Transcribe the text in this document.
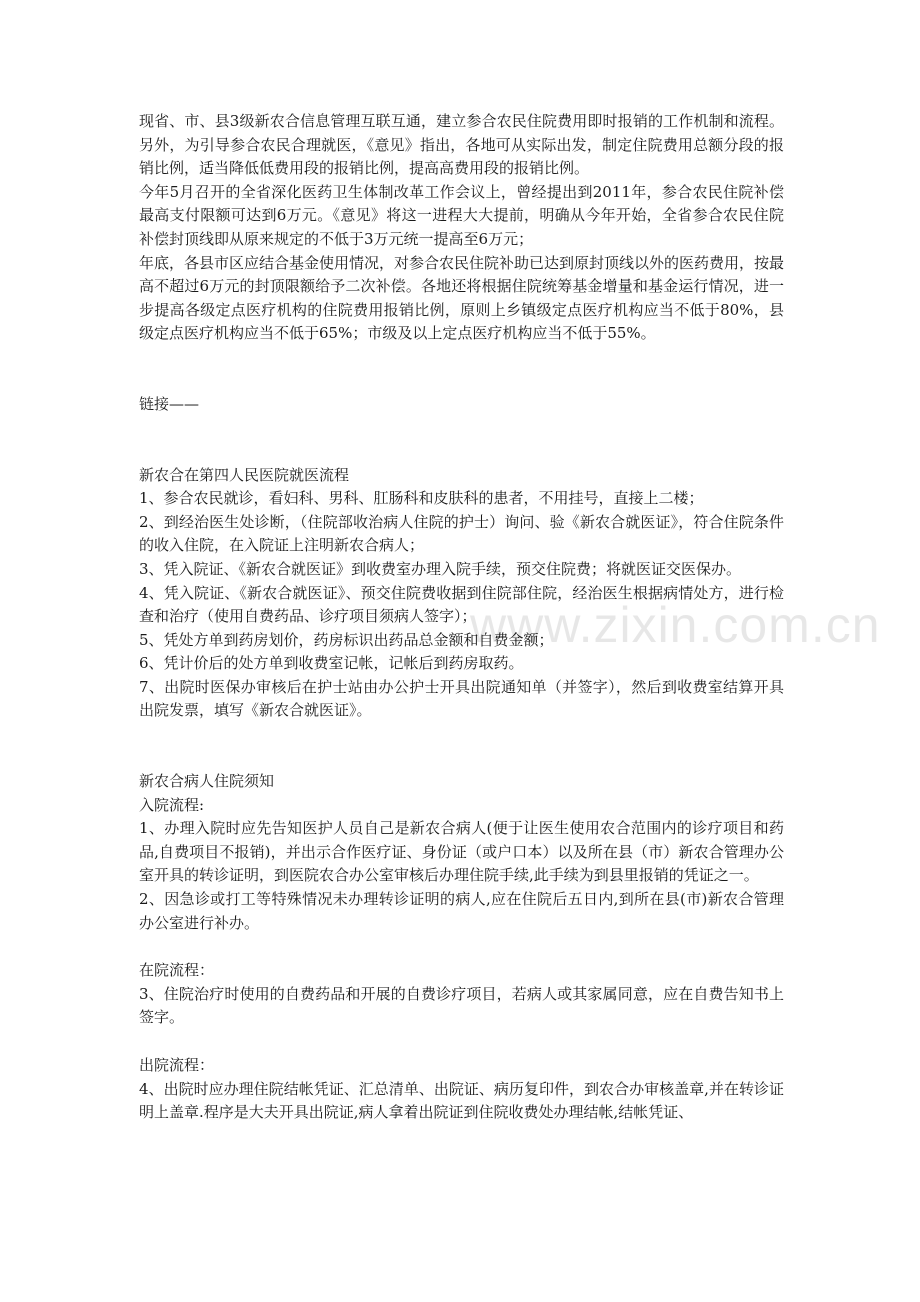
现省、市、县3级新农合信息管理互联互通，建立参合农民住院费用即时报销的工作机制和流程。另外，为引导参合农民合理就医，《意见》指出，各地可从实际出发，制定住院费用总额分段的报销比例，适当降低低费用段的报销比例，提高高费用段的报销比例。

今年5月召开的全省深化医药卫生体制改革工作会议上，曾经提出到2011年，参合农民住院补偿最高支付限额可达到6万元。《意见》将这一进程大大提前，明确从今年开始，全省参合农民住院补偿封顶线即从原来规定的不低于3万元统一提高至6万元；

年底，各县市区应结合基金使用情况，对参合农民住院补助已达到原封顶线以外的医药费用，按最高不超过6万元的封顶限额给予二次补偿。各地还将根据住院统筹基金增量和基金运行情况，进一步提高各级定点医疗机构的住院费用报销比例，原则上乡镇级定点医疗机构应当不低于80%，县级定点医疗机构应当不低于65%；市级及以上定点医疗机构应当不低于55%。

链接——

新农合在第四人民医院就医流程

1、参合农民就诊，看妇科、男科、肛肠科和皮肤科的患者，不用挂号，直接上二楼；

2、到经治医生处诊断，（住院部收治病人住院的护士）询问、验《新农合就医证》，符合住院条件的收入住院，在入院证上注明新农合病人；

3、凭入院证、《新农合就医证》到收费室办理入院手续，预交住院费；将就医证交医保办。

4、凭入院证、《新农合就医证》、预交住院费收据到住院部住院，经治医生根据病情处方，进行检查和治疗（使用自费药品、诊疗项目须病人签字）；

5、凭处方单到药房划价，药房标识出药品总金额和自费金额；

6、凭计价后的处方单到收费室记帐，记帐后到药房取药。

7、出院时医保办审核后在护士站由办公护士开具出院通知单（并签字），然后到收费室结算开具出院发票，填写《新农合就医证》。

新农合病人住院须知

入院流程:

1、办理入院时应先告知医护人员自己是新农合病人(便于让医生使用农合范围内的诊疗项目和药品,自费项目不报销)，并出示合作医疗证、身份证（或户口本）以及所在县（市）新农合管理办公室开具的转诊证明，到医院农合办公室审核后办理住院手续,此手续为到县里报销的凭证之一。

2、因急诊或打工等特殊情况未办理转诊证明的病人,应在住院后五日内,到所在县(市)新农合管理办公室进行补办。

在院流程：

3、住院治疗时使用的自费药品和开展的自费诊疗项目，若病人或其家属同意，应在自费告知书上签字。

出院流程：

4、出院时应办理住院结帐凭证、汇总清单、出院证、病历复印件，到农合办审核盖章,并在转诊证明上盖章.程序是大夫开具出院证,病人拿着出院证到住院收费处办理结帐,结帐凭证、

www.zixin.com.cn
